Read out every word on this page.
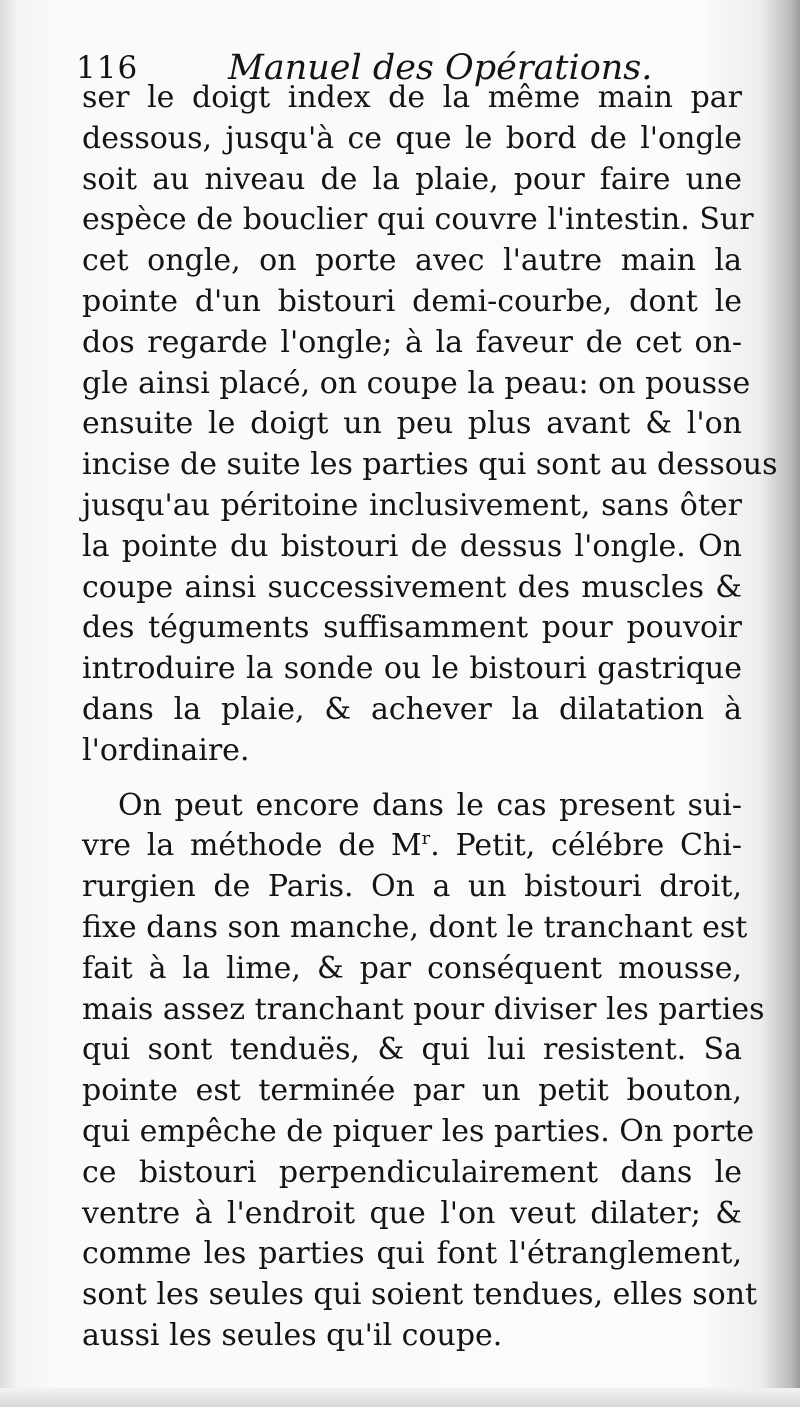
116	Manuel des Opérations.
ser le doigt index de la même main par
dessous, jusqu'à ce que le bord de l'ongle
soit au niveau de la plaie, pour faire une
espèce de bouclier qui couvre l'intestin. Sur
cet ongle, on porte avec l'autre main la
pointe d'un bistouri demi-courbe, dont le
dos regarde l'ongle; à la faveur de cet on-
gle ainsi placé, on coupe la peau: on pousse
ensuite le doigt un peu plus avant & l'on
incise de suite les parties qui sont au dessous
jusqu'au péritoine inclusivement, sans ôter
la pointe du bistouri de dessus l'ongle. On
coupe ainsi successivement des muscles &
des téguments suffisamment pour pouvoir
introduire la sonde ou le bistouri gastrique
dans la plaie, & achever la dilatation à
l'ordinaire.
On peut encore dans le cas present sui-
vre la méthode de $M^r$. Petit, célébre Chi-
rurgien de Paris. On a un bistouri droit,
fixe dans son manche, dont le tranchant est
fait à la lime, & par conséquent mousse,
mais assez tranchant pour diviser les parties
qui sont tenduës, & qui lui resistent. Sa
pointe est terminée par un petit bouton,
qui empêche de piquer les parties. On porte
ce bistouri perpendiculairement dans le
ventre à l'endroit que l'on veut dilater; &
comme les parties qui font l'étranglement,
sont les seules qui soient tendues, elles sont
aussi les seules qu'il coupe.
